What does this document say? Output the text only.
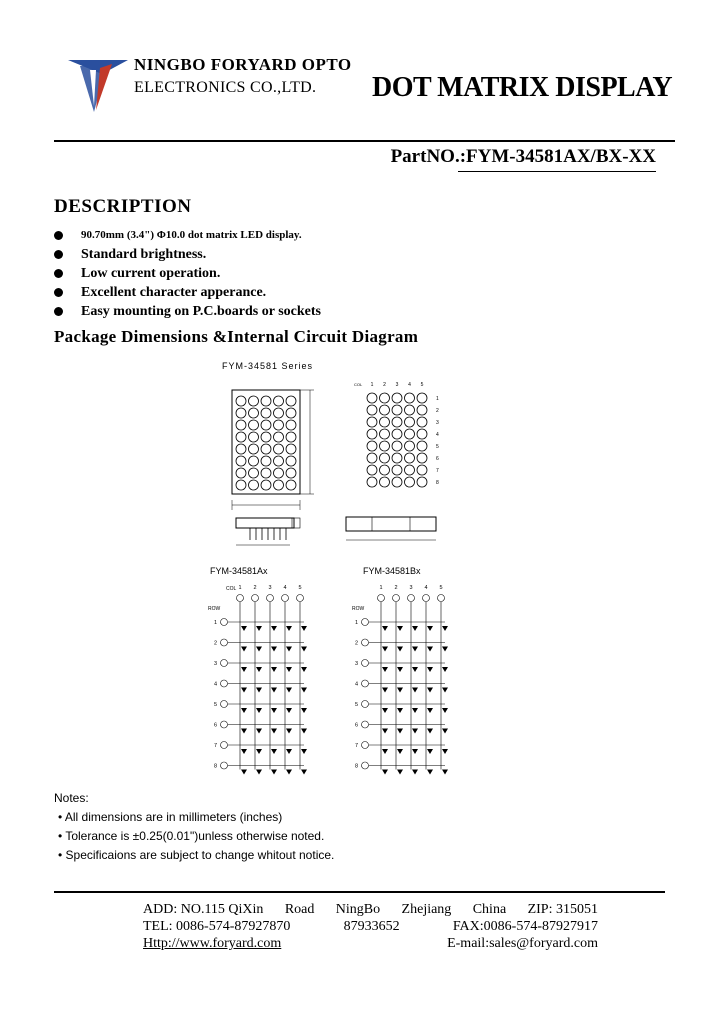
NINGBO FORYARD OPTO
ELECTRONICS CO.,LTD. DOT MATRIX DISPLAY
PartNO.:FYM-34581AX/BX-XX
DESCRIPTION
90.70mm (3.4") Φ10.0 dot matrix LED display.
Standard brightness.
Low current operation.
Excellent character apperance.
Easy mounting on P.C.boards or sockets
Package Dimensions &Internal Circuit Diagram
FYM-34581 Series
COL 1 2 3 4 5
1
2
3
4
5
6
7
8
FYM-34581Ax	FYM-34581Bx
COL
ROW	ROW
1 2 3 4 5
1
2
3
4
5
6
7
8
1 2 3 4 5
1
2
3
4
5
6
7
8
Notes:
• All dimensions are in millimeters (inches)
• Tolerance is ±0.25(0.01")unless otherwise noted.
• Specificaions are subject to change whitout notice.
ADD: NO.115 QiXin Road NingBo Zhejiang China ZIP: 315051
TEL: 0086-574-87927870	87933652	FAX:0086-574-87927917
Http://www.foryard.com	E-mail:sales@foryard.com
